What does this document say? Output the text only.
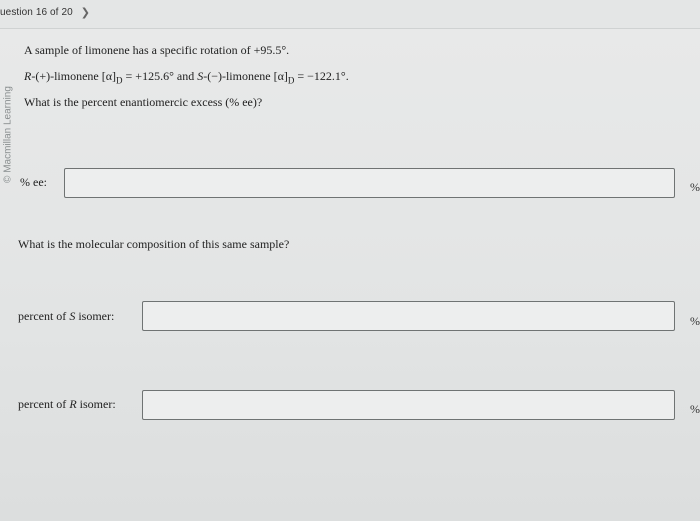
uestion 16 of 20 ❯
© Macmillan Learning
A sample of limonene has a specific rotation of +95.5°.
R-(+)-limonene $[\alpha]_D = +125.6^\circ$ and S-(−)-limonene $[\alpha]_D = -122.1^\circ$.
What is the percent enantiomercic excess (% ee)?
% ee:	%
What is the molecular composition of this same sample?
percent of S isomer:	%
percent of R isomer:	%
